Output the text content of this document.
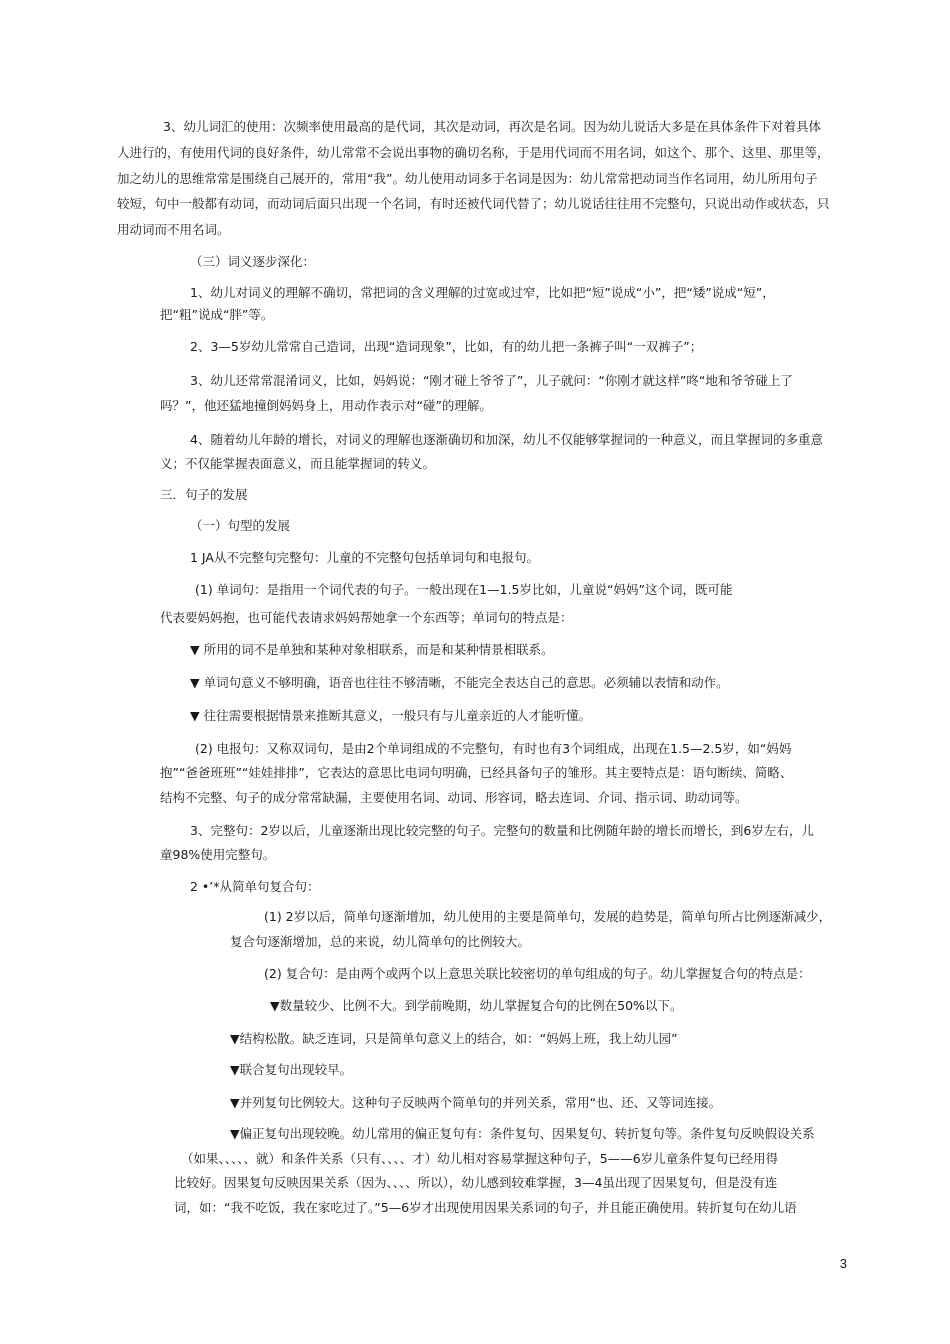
3、幼儿词汇的使用：次频率使用最高的是代词，其次是动词，再次是名词。因为幼儿说话大多是在具体条件下对着具体
人进行的，有使用代词的良好条件，幼儿常常不会说出事物的确切名称，于是用代词而不用名词，如这个、那个、这里、那里等，
加之幼儿的思维常常是围绕自己展开的，常用“我”。幼儿使用动词多于名词是因为：幼儿常常把动词当作名词用，幼儿所用句子
较短，句中一般都有动词，而动词后面只出现一个名词，有时还被代词代替了；幼儿说话往往用不完整句，只说出动作或状态，只
用动词而不用名词。
（三）词义逐步深化：
1、幼儿对词义的理解不确切，常把词的含义理解的过宽或过窄，比如把“短”说成“小”，把“矮”说成“短”，
把“粗”说成“胖”等。
2、3—5岁幼儿常常自己造词，出现“造词现象”，比如，有的幼儿把一条裤子叫“一双裤子”；
3、幼儿还常常混淆词义，比如，妈妈说：“刚才碰上爷爷了”，儿子就问：“你刚才就这样”咚“地和爷爷碰上了
吗？”，他还猛地撞倒妈妈身上，用动作表示对“碰”的理解。
4、随着幼儿年龄的增长，对词义的理解也逐渐确切和加深，幼儿不仅能够掌握词的一种意义，而且掌握词的多重意
义；不仅能掌握表面意义，而且能掌握词的转义。
三．句子的发展
（一）句型的发展
1 JA从不完整句完整句：儿童的不完整句包括单词句和电报句。
(1) 单词句：是指用一个词代表的句子。一般出现在1—1.5岁比如，儿童说“妈妈”这个词，既可能
代表要妈妈抱，也可能代表请求妈妈帮她拿一个东西等；单词句的特点是：
▼ 所用的词不是单独和某种对象相联系，而是和某种情景相联系。
▼ 单词句意义不够明确，语音也往往不够清晰，不能完全表达自己的意思。必须辅以表情和动作。
▼ 往往需要根据情景来推断其意义，一般只有与儿童亲近的人才能听懂。
(2) 电报句：又称双词句，是由2个单词组成的不完整句，有时也有3个词组成，出现在1.5—2.5岁，如“妈妈
抱”“爸爸班班”“娃娃排排”，它表达的意思比电词句明确，已经具备句子的雏形。其主要特点是：语句断续、简略、
结构不完整、句子的成分常常缺漏，主要使用名词、动词、形容词，略去连词、介词、指示词、助动词等。
3、完整句：2岁以后，儿童逐渐出现比较完整的句子。完整句的数量和比例随年龄的增长而增长，到6岁左右，儿
童98%使用完整句。
2 •’*从简单句复合句：
(1) 2岁以后，简单句逐渐增加，幼儿使用的主要是简单句，发展的趋势是，简单句所占比例逐渐减少，
复合句逐渐增加，总的来说，幼儿简单句的比例较大。
(2) 复合句：是由两个或两个以上意思关联比较密切的单句组成的句子。幼儿掌握复合句的特点是：
▼数量较少、比例不大。到学前晚期，幼儿掌握复合句的比例在50%以下。
▼结构松散。缺乏连词，只是简单句意义上的结合，如：“妈妈上班，我上幼儿园”
▼联合复句出现较早。
▼并列复句比例较大。这种句子反映两个简单句的并列关系，常用“也、还、又等词连接。
▼偏正复句出现较晚。幼儿常用的偏正复句有：条件复句、因果复句、转折复句等。条件复句反映假设关系
（如果、、、、、就）和条件关系（只有、、、、才）幼儿相对容易掌握这种句子，5——6岁儿童条件复句已经用得
比较好。因果复句反映因果关系（因为、、、、所以），幼儿感到较难掌握，3—4虽出现了因果复句，但是没有连
词，如：“我不吃饭，我在家吃过了。”5—6岁才出现使用因果关系词的句子，并且能正确使用。转折复句在幼儿语
3
